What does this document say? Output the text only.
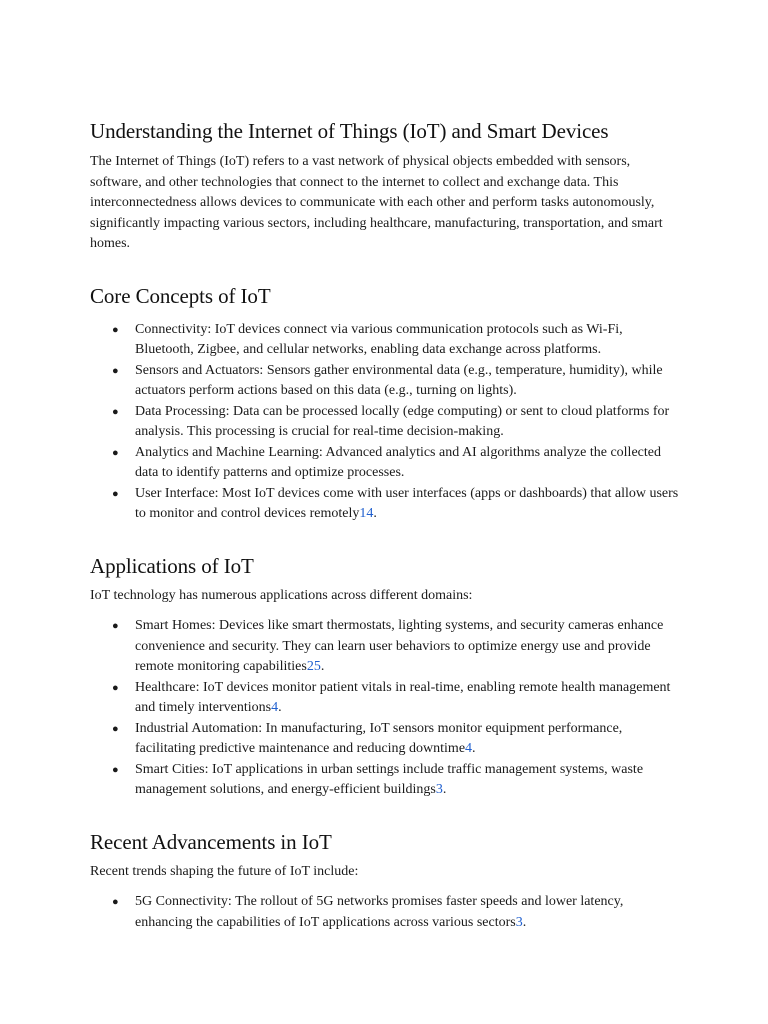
Understanding the Internet of Things (IoT) and Smart Devices

The Internet of Things (IoT) refers to a vast network of physical objects embedded with sensors, software, and other technologies that connect to the internet to collect and exchange data. This interconnectedness allows devices to communicate with each other and perform tasks autonomously, significantly impacting various sectors, including healthcare, manufacturing, transportation, and smart homes.

Core Concepts of IoT
● Connectivity: IoT devices connect via various communication protocols such as Wi-Fi, Bluetooth, Zigbee, and cellular networks, enabling data exchange across platforms.
● Sensors and Actuators: Sensors gather environmental data (e.g., temperature, humidity), while actuators perform actions based on this data (e.g., turning on lights).
● Data Processing: Data can be processed locally (edge computing) or sent to cloud platforms for analysis. This processing is crucial for real-time decision-making.
● Analytics and Machine Learning: Advanced analytics and AI algorithms analyze the collected data to identify patterns and optimize processes.
● User Interface: Most IoT devices come with user interfaces (apps or dashboards) that allow users to monitor and control devices remotely14.
Applications of IoT

IoT technology has numerous applications across different domains:

● Smart Homes: Devices like smart thermostats, lighting systems, and security cameras enhance convenience and security. They can learn user behaviors to optimize energy use and provide remote monitoring capabilities25.
● Healthcare: IoT devices monitor patient vitals in real-time, enabling remote health management and timely interventions4.
● Industrial Automation: In manufacturing, IoT sensors monitor equipment performance, facilitating predictive maintenance and reducing downtime4.
● Smart Cities: IoT applications in urban settings include traffic management systems, waste management solutions, and energy-efficient buildings3.
Recent Advancements in IoT

Recent trends shaping the future of IoT include:

● 5G Connectivity: The rollout of 5G networks promises faster speeds and lower latency, enhancing the capabilities of IoT applications across various sectors3.
